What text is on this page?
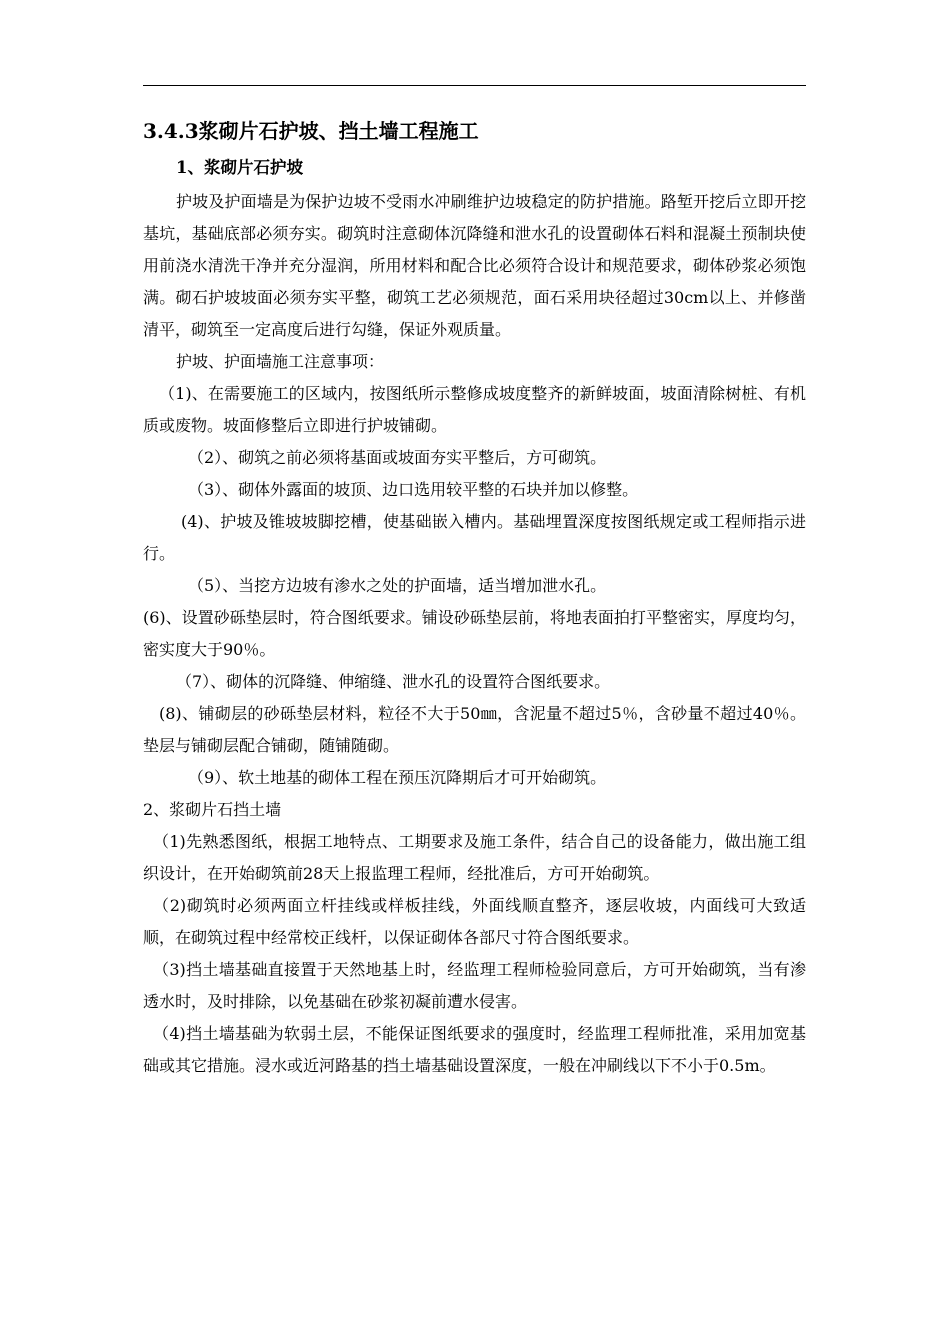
3.4.3浆砌片石护坡、挡土墙工程施工
1、浆砌片石护坡

护坡及护面墙是为保护边坡不受雨水冲刷维护边坡稳定的防护措施。路堑开挖后立即开挖基坑，基础底部必须夯实。砌筑时注意砌体沉降缝和泄水孔的设置砌体石料和混凝土预制块使用前浇水清洗干净并充分湿润，所用材料和配合比必须符合设计和规范要求，砌体砂浆必须饱满。砌石护坡坡面必须夯实平整，砌筑工艺必须规范，面石采用块径超过30cm以上、并修凿清平，砌筑至一定高度后进行勾缝，保证外观质量。

护坡、护面墙施工注意事项：

（1)、在需要施工的区域内，按图纸所示整修成坡度整齐的新鲜坡面，坡面清除树桩、有机质或废物。坡面修整后立即进行护坡铺砌。

（2）、砌筑之前必须将基面或坡面夯实平整后，方可砌筑。

（3）、砌体外露面的坡顶、边口选用较平整的石块并加以修整。

(4)、护坡及锥坡坡脚挖槽，使基础嵌入槽内。基础埋置深度按图纸规定或工程师指示进行。

（5）、当挖方边坡有渗水之处的护面墙，适当增加泄水孔。

(6)、设置砂砾垫层时，符合图纸要求。铺设砂砾垫层前，将地表面拍打平整密实，厚度均匀，密实度大于90％。

（7）、砌体的沉降缝、伸缩缝、泄水孔的设置符合图纸要求。

(8)、铺砌层的砂砾垫层材料，粒径不大于50㎜，含泥量不超过5％，含砂量不超过40％。垫层与铺砌层配合铺砌，随铺随砌。

（9）、软土地基的砌体工程在预压沉降期后才可开始砌筑。

2、浆砌片石挡土墙

（1)先熟悉图纸，根据工地特点、工期要求及施工条件，结合自己的设备能力，做出施工组织设计，在开始砌筑前28天上报监理工程师，经批准后，方可开始砌筑。

（2)砌筑时必须两面立杆挂线或样板挂线，外面线顺直整齐，逐层收坡，内面线可大致适顺，在砌筑过程中经常校正线杆，以保证砌体各部尺寸符合图纸要求。

（3)挡土墙基础直接置于天然地基上时，经监理工程师检验同意后，方可开始砌筑，当有渗透水时，及时排除，以免基础在砂浆初凝前遭水侵害。

（4)挡土墙基础为软弱土层，不能保证图纸要求的强度时，经监理工程师批准，采用加宽基础或其它措施。浸水或近河路基的挡土墙基础设置深度，一般在冲刷线以下不小于0.5m。
